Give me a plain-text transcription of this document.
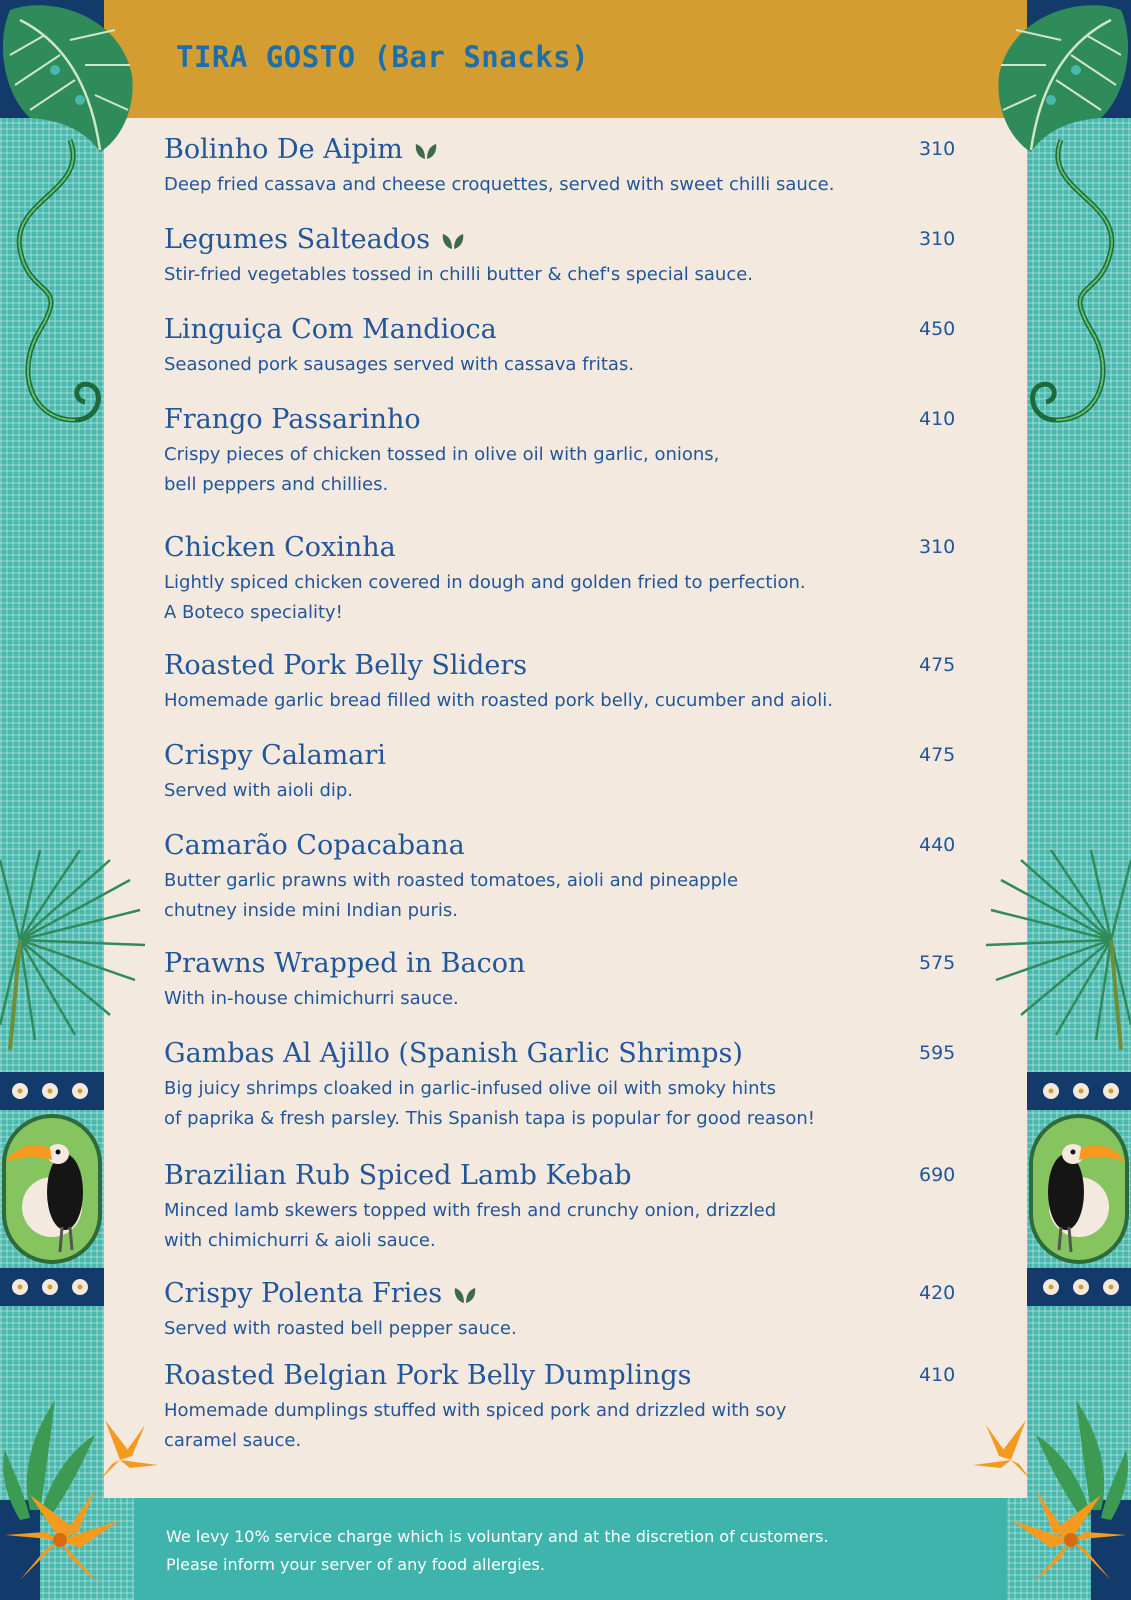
TIRA GOSTO (Bar Snacks)
Bolinho De Aipim	310
Deep fried cassava and cheese croquettes, served with sweet chilli sauce.
Legumes Salteados	310
Stir-fried vegetables tossed in chilli butter & chef's special sauce.
Linguiça Com Mandioca	450
Seasoned pork sausages served with cassava fritas.
Frango Passarinho	410
Crispy pieces of chicken tossed in olive oil with garlic, onions,
bell peppers and chillies.
Chicken Coxinha	310
Lightly spiced chicken covered in dough and golden fried to perfection.
A Boteco speciality!
Roasted Pork Belly Sliders	475
Homemade garlic bread filled with roasted pork belly, cucumber and aioli.
Crispy Calamari	475
Served with aioli dip.
Camarão Copacabana	440
Butter garlic prawns with roasted tomatoes, aioli and pineapple
chutney inside mini Indian puris.
Prawns Wrapped in Bacon	575
With in-house chimichurri sauce.
Gambas Al Ajillo (Spanish Garlic Shrimps)	595
Big juicy shrimps cloaked in garlic-infused olive oil with smoky hints
of paprika & fresh parsley. This Spanish tapa is popular for good reason!
Brazilian Rub Spiced Lamb Kebab	690
Minced lamb skewers topped with fresh and crunchy onion, drizzled
with chimichurri & aioli sauce.
Crispy Polenta Fries	420
Served with roasted bell pepper sauce.
Roasted Belgian Pork Belly Dumplings	410
Homemade dumplings stuffed with spiced pork and drizzled with soy
caramel sauce.
We levy 10% service charge which is voluntary and at the discretion of customers.
Please inform your server of any food allergies.
